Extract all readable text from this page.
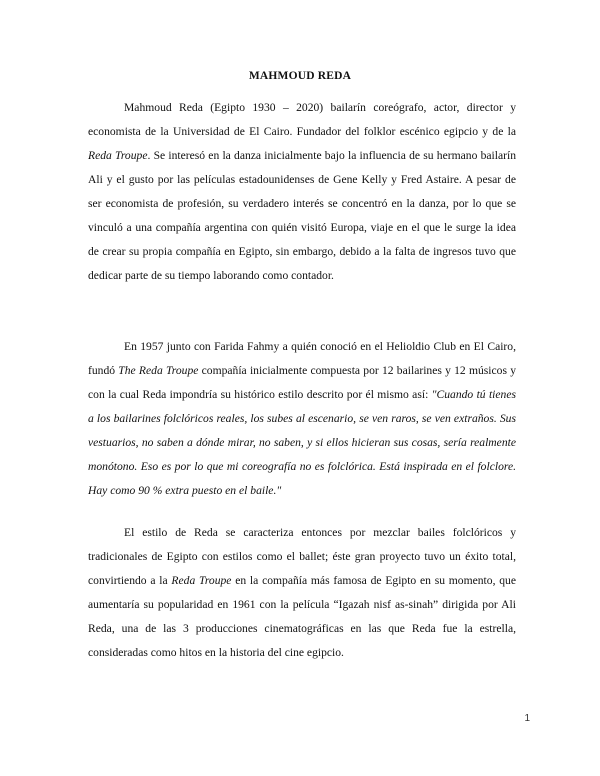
MAHMOUD REDA

Mahmoud Reda (Egipto 1930 – 2020) bailarín coreógrafo, actor, director y economista de la Universidad de El Cairo. Fundador del folklor escénico egipcio y de la Reda Troupe. Se interesó en la danza inicialmente bajo la influencia de su hermano bailarín Ali y el gusto por las películas estadounidenses de Gene Kelly y Fred Astaire. A pesar de ser economista de profesión, su verdadero interés se concentró en la danza, por lo que se vinculó a una compañía argentina con quién visitó Europa, viaje en el que le surge la idea de crear su propia compañía en Egipto, sin embargo, debido a la falta de ingresos tuvo que dedicar parte de su tiempo laborando como contador.

En 1957 junto con Farida Fahmy a quién conoció en el Helioldio Club en El Cairo, fundó The Reda Troupe compañía inicialmente compuesta por 12 bailarines y 12 músicos y con la cual Reda impondría su histórico estilo descrito por él mismo así: "Cuando tú tienes a los bailarines folclóricos reales, los subes al escenario, se ven raros, se ven extraños. Sus vestuarios, no saben a dónde mirar, no saben, y si ellos hicieran sus cosas, sería realmente monótono. Eso es por lo que mi coreografía no es folclórica. Está inspirada en el folclore. Hay como 90 % extra puesto en el baile."

El estilo de Reda se caracteriza entonces por mezclar bailes folclóricos y tradicionales de Egipto con estilos como el ballet; éste gran proyecto tuvo un éxito total, convirtiendo a la Reda Troupe en la compañía más famosa de Egipto en su momento, que aumentaría su popularidad en 1961 con la película “Igazah nisf as-sinah” dirigida por Ali Reda, una de las 3 producciones cinematográficas en las que Reda fue la estrella, consideradas como hitos en la historia del cine egipcio.

1
